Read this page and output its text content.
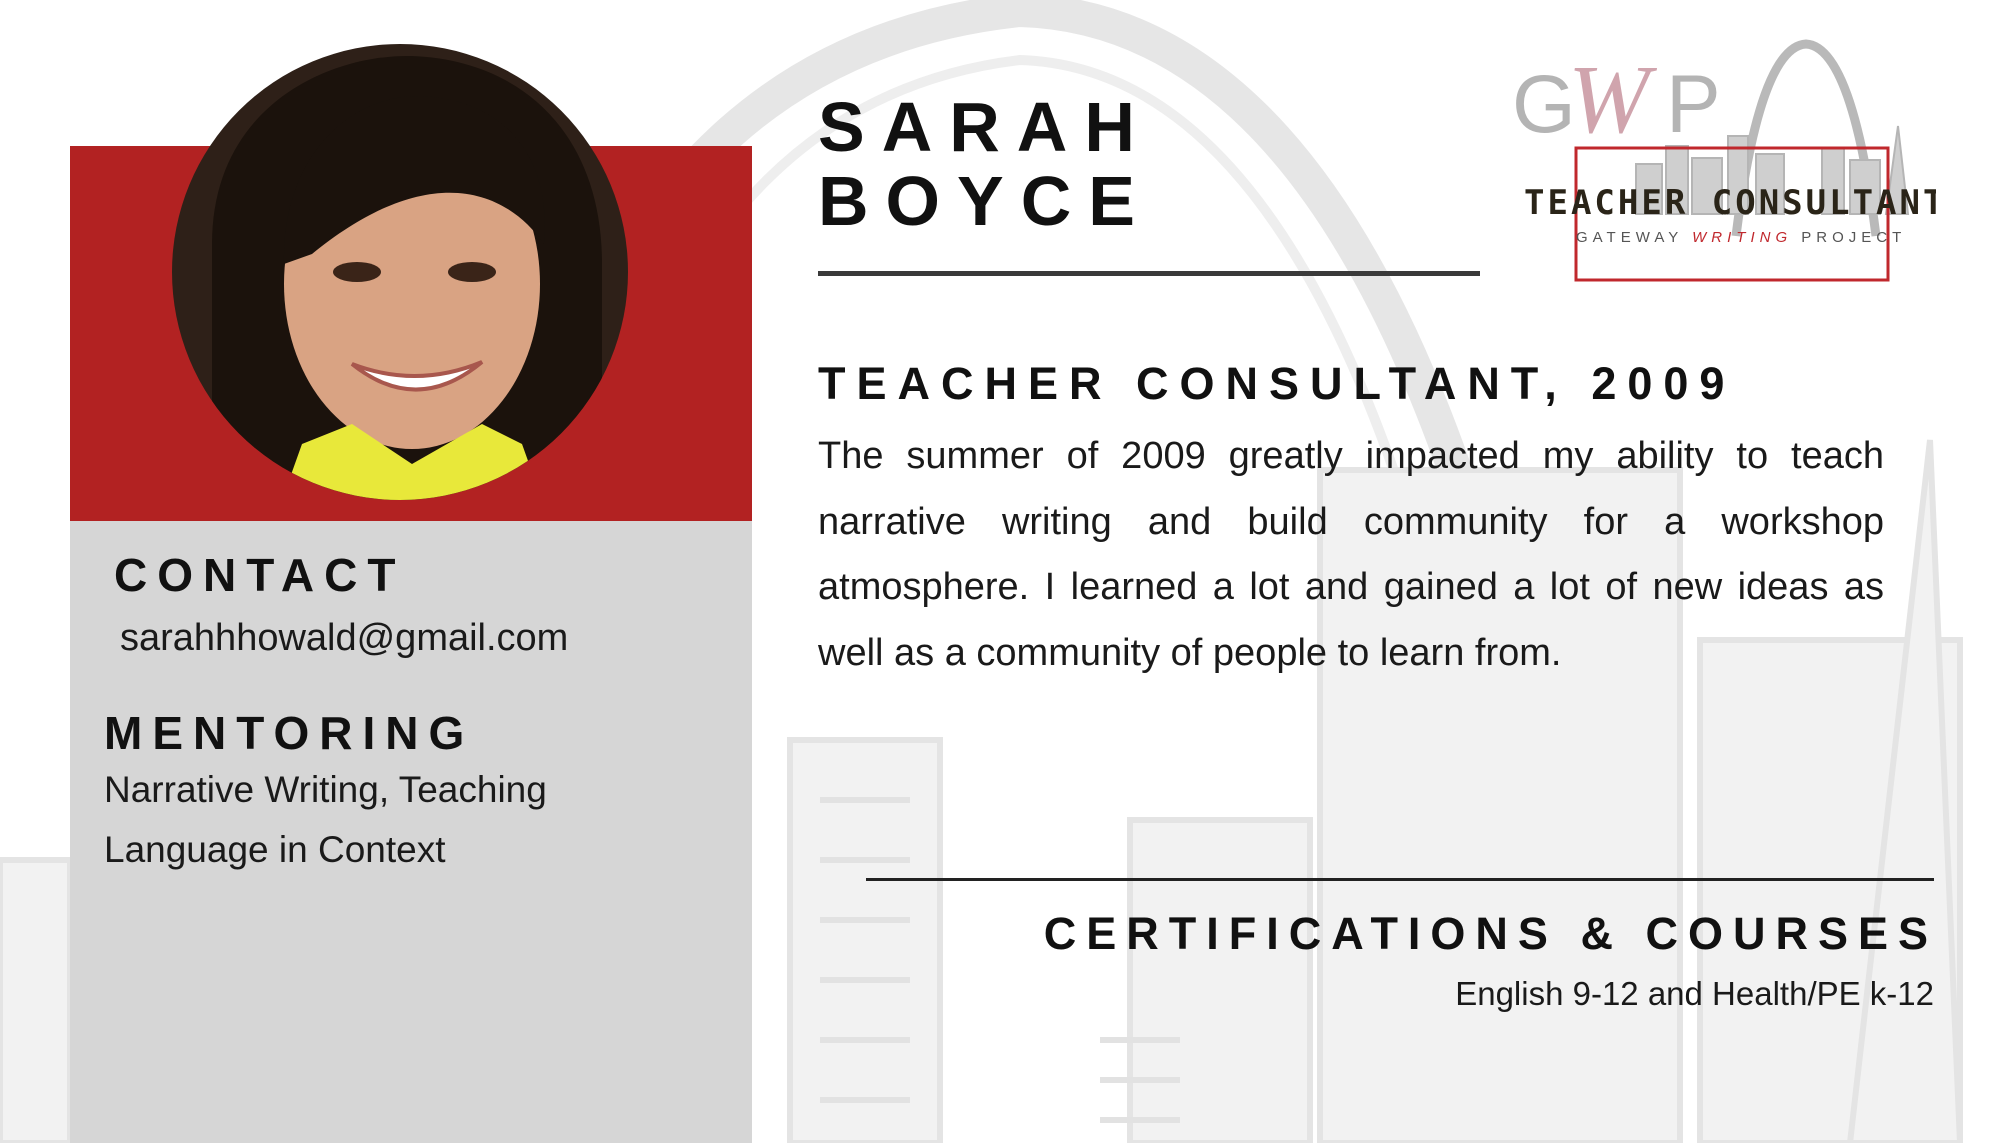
CONTACT
sarahhhowald@gmail.com
MENTORING
Narrative Writing, Teaching
Language in Context
SARAH
BOYCE
TEACHER CONSULTANT, 2009
The summer of 2009 greatly impacted my ability to teach narrative writing and build community for a workshop atmosphere. I learned a lot and gained a lot of new ideas as well as a community of people to learn from.
CERTIFICATIONS & COURSES
English 9-12 and Health/PE k-12
G
W P
TEACHER CONSULTANT
GATEWAY WRITING PROJECT
